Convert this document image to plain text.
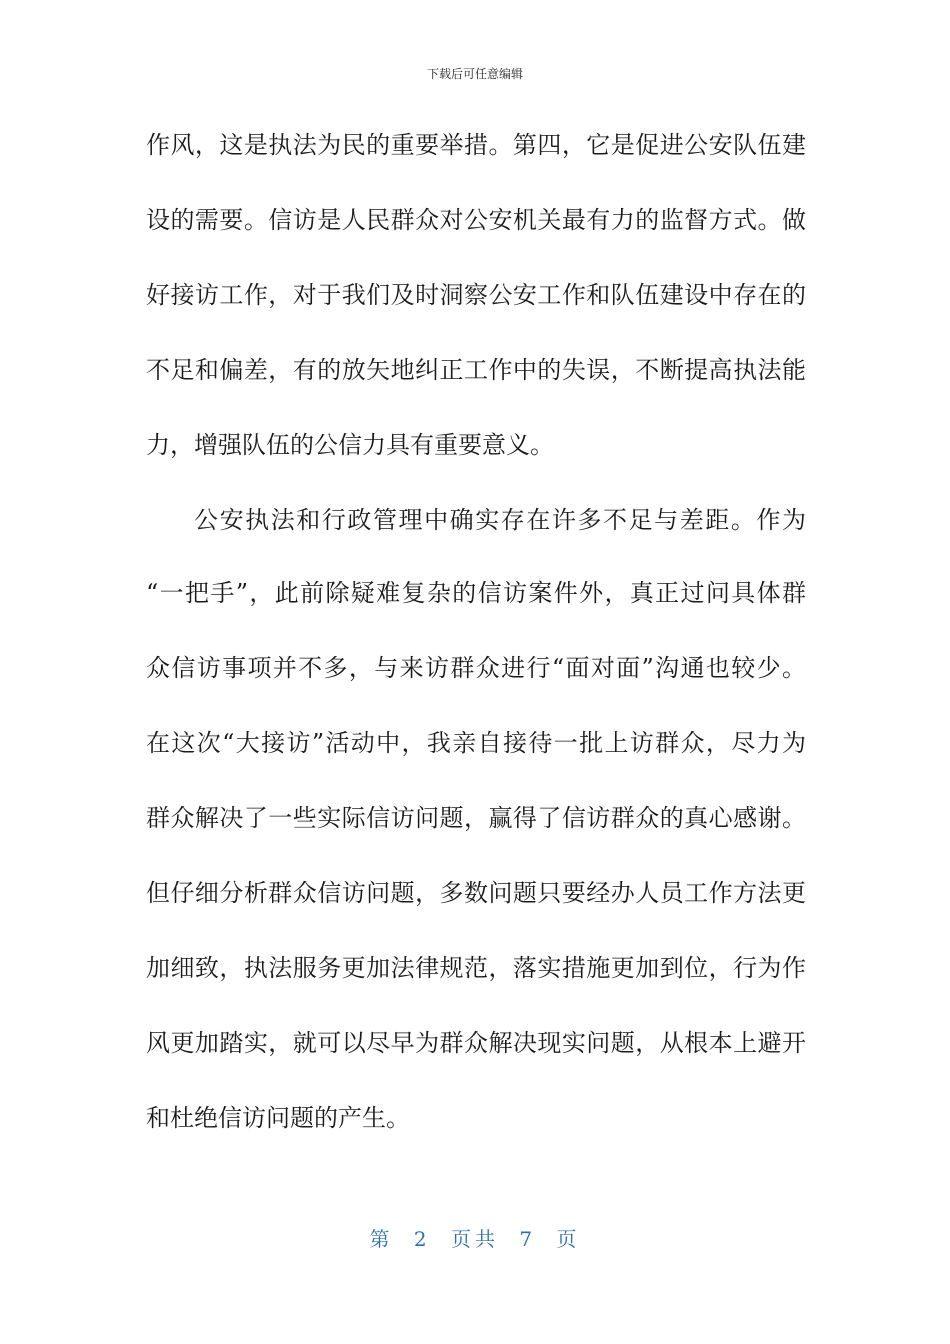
下载后可任意编辑
作风，这是执法为民的重要举措。第四，它是促进公安队伍建
设的需要。信访是人民群众对公安机关最有力的监督方式。做
好接访工作，对于我们及时洞察公安工作和队伍建设中存在的
不足和偏差，有的放矢地纠正工作中的失误，不断提高执法能
力，增强队伍的公信力具有重要意义。
公安执法和行政管理中确实存在许多不足与差距。作为
“一把手”，此前除疑难复杂的信访案件外，真正过问具体群
众信访事项并不多，与来访群众进行“面对面”沟通也较少。
在这次“大接访”活动中，我亲自接待一批上访群众，尽力为
群众解决了一些实际信访问题，赢得了信访群众的真心感谢。
但仔细分析群众信访问题，多数问题只要经办人员工作方法更
加细致，执法服务更加法律规范，落实措施更加到位，行为作
风更加踏实，就可以尽早为群众解决现实问题，从根本上避开
和杜绝信访问题的产生。
第 2 页共 7 页
